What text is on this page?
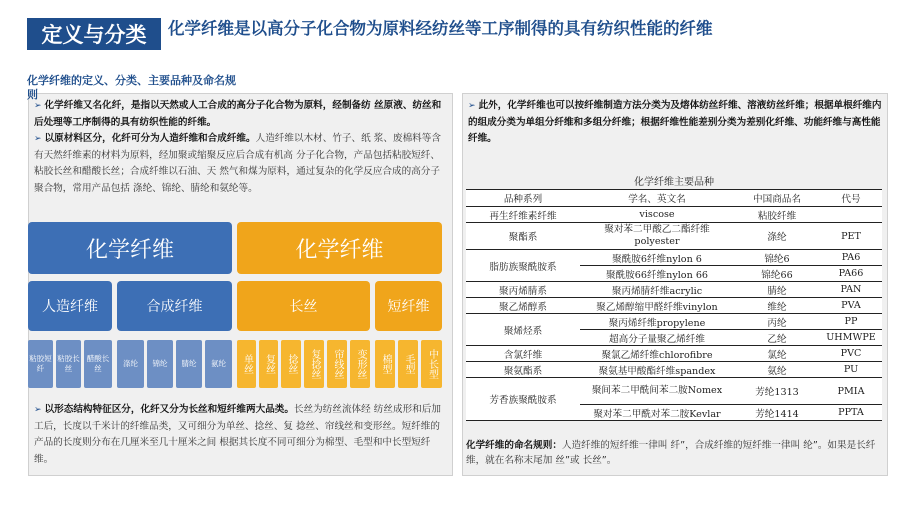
定义与分类	化学纤维是以高分子化合物为原料经纺丝等工序制得的具有纺织性能的纤维
化学纤维的定义、分类、主要品种及命名规
则
➢ 化学纤维又名化纤，是指以天然或人工合成的高分子化合物为原料，经制备纺 丝原液、纺丝和后处理等工序制得的具有纺织性能的纤维。
➢ 以原材料区分，化纤可分为人造纤维和合成纤维。人造纤维以木材、竹子、纸 浆、废棉料等含有天然纤维素的材料为原料，经加聚或缩聚反应后合成有机高 分子化合物，产品包括粘胶短纤、粘胶长丝和醋酸长丝；合成纤维以石油、天 然气和煤为原料，通过复杂的化学反应合成的高分子聚合物，常用产品包括 涤纶、锦纶、腈纶和氨纶等。
化学纤维	化学纤维
人造纤维	合成纤维	长丝	短纤维
粘胶短纤
粘胶长丝
醋酸长丝
涤纶	锦纶	腈纶	氨纶	单丝	复丝	捻丝	复捻丝	帘线丝	变形丝	棉型	毛型	中长型
➢ 以形态结构特征区分，化纤又分为长丝和短纤维两大品类。长丝为纺丝流体经 纺丝成形和后加工后，长度以千米计的纤维品类，又可细分为单丝、捻丝、复 捻丝、帘线丝和变形丝。短纤维的产品的长度则分布在几厘米至几十厘米之间 根据其长度不同可细分为棉型、毛型和中长型短纤维。
➢ 此外，化学纤维也可以按纤维制造方法分类为及熔体纺丝纤维、溶液纺丝纤维；根据单根纤维内的组成分类为单组分纤维和多组分纤维；根据纤维性能差别分类为差别化纤维、功能纤维与高性能纤维。
化学纤维主要品种			
品种系列	学名、英文名	中国商品名	代号
再生纤维素纤维	viscose	粘胶纤维	
聚酯系	聚对苯二甲酸乙二酯纤维polyester	涤纶	PET
脂肪族聚酰胺系	聚酰胺6纤维nylon 6	锦纶6	PA6
	聚酰胺66纤维nylon 66	锦纶66	PA66
聚丙烯腈系	聚丙烯腈纤维acrylic	腈纶	PAN
聚乙烯醇系	聚乙烯醇缩甲醛纤维vinylon	维纶	PVA
聚烯烃系	聚丙烯纤维propylene	丙纶	PP
	超高分子量聚乙烯纤维	乙纶	UHMWPE
含氯纤维	聚氯乙烯纤维chlorofibre	氯纶	PVC
聚氨酯系	聚氨基甲酸酯纤维spandex	氨纶	PU
芳香族聚酰胺系	聚间苯二甲酰间苯二胺Nomex	芳纶1313	PMIA
	聚对苯二甲酰对苯二胺Kevlar	芳纶1414	PPTA
化学纤维的命名规则：人造纤维的短纤维一律叫 纤”，合成纤维的短纤维一律叫 纶”。如果是长纤维，就在名称末尾加 丝”或 长丝”。
